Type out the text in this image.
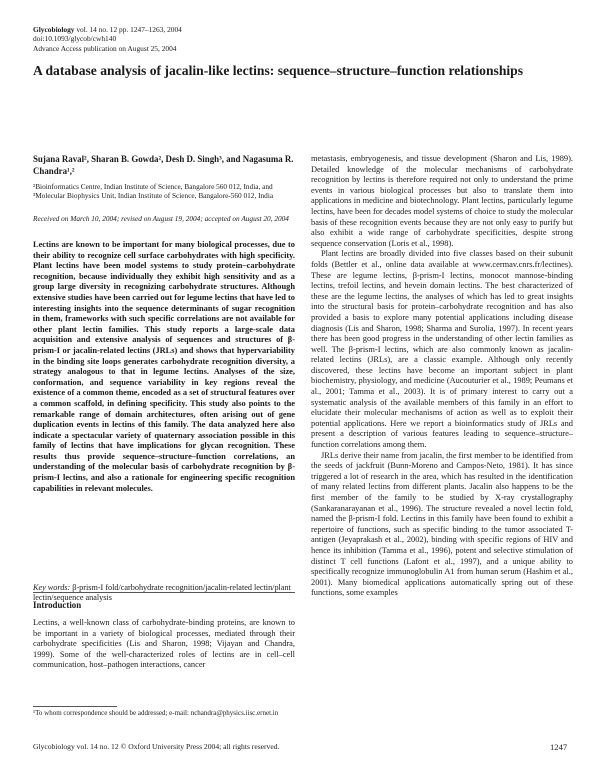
Glycobiology vol. 14 no. 12 pp. 1247–1263, 2004
doi:10.1093/glycob/cwh140
Advance Access publication on August 25, 2004
A database analysis of jacalin-like lectins: sequence–structure–function relationships
Sujana Raval², Sharan B. Gowda², Desh D. Singh³, and Nagasuma R. Chandra¹,²
²Bioinformatics Centre, Indian Institute of Science, Bangalore 560 012, India, and ³Molecular Biophysics Unit, Indian Institute of Science, Bangalore-560 012, India
Received on March 10, 2004; revised on August 19, 2004; accepted on August 20, 2004
Lectins are known to be important for many biological processes, due to their ability to recognize cell surface carbohydrates with high specificity. Plant lectins have been model systems to study protein–carbohydrate recognition, because individually they exhibit high sensitivity and as a group large diversity in recognizing carbohydrate structures. Although extensive studies have been carried out for legume lectins that have led to interesting insights into the sequence determinants of sugar recognition in them, frameworks with such specific correlations are not available for other plant lectin families. This study reports a large-scale data acquisition and extensive analysis of sequences and structures of β-prism-I or jacalin-related lectins (JRLs) and shows that hypervariability in the binding site loops generates carbohydrate recognition diversity, a strategy analogous to that in legume lectins. Analyses of the size, conformation, and sequence variability in key regions reveal the existence of a common theme, encoded as a set of structural features over a common scaffold, in defining specificity. This study also points to the remarkable range of domain architectures, often arising out of gene duplication events in lectins of this family. The data analyzed here also indicate a spectacular variety of quaternary association possible in this family of lectins that have implications for glycan recognition. These results thus provide sequence–structure–function correlations, an understanding of the molecular basis of carbohydrate recognition by β-prism-I lectins, and also a rationale for engineering specific recognition capabilities in relevant molecules.
Key words: β-prism-I fold/carbohydrate recognition/jacalin-related lectin/plant lectin/sequence analysis
Introduction
Lectins, a well-known class of carbohydrate-binding proteins, are known to be important in a variety of biological processes, mediated through their carbohydrate specificities (Lis and Sharon, 1998; Vijayan and Chandra, 1999). Some of the well-characterized roles of lectins are in cell–cell communication, host–pathogen interactions, cancer
¹To whom correspondence should be addressed; e-mail: nchandra@physics.iisc.ernet.in

metastasis, embryogenesis, and tissue development (Sharon and Lis, 1989). Detailed knowledge of the molecular mechanisms of carbohydrate recognition by lectins is therefore required not only to understand the prime events in various biological processes but also to translate them into applications in medicine and biotechnology. Plant lectins, particularly legume lectins, have been for decades model systems of choice to study the molecular basis of these recognition events because they are not only easy to purify but also exhibit a wide range of carbohydrate specificities, despite strong sequence conservation (Loris et al., 1998).

Plant lectins are broadly divided into five classes based on their subunit folds (Bettler et al., online data available at www.cermav.cnrs.fr/lectines). These are legume lectins, β-prism-I lectins, monocot mannose-binding lectins, trefoil lectins, and hevein domain lectins. The best characterized of these are the legume lectins, the analyses of which has led to great insights into the structural basis for protein–carbohydrate recognition and has also provided a basis to explore many potential applications including disease diagnosis (Lis and Sharon, 1998; Sharma and Surolia, 1997). In recent years there has been good progress in the understanding of other lectin families as well. The β-prism-I lectins, which are also commonly known as jacalin-related lectins (JRLs), are a classic example. Although only recently discovered, these lectins have become an important subject in plant biochemistry, physiology, and medicine (Aucouturier et al., 1989; Peumans et al., 2001; Tamma et al., 2003). It is of primary interest to carry out a systematic analysis of the available members of this family in an effort to elucidate their molecular mechanisms of action as well as to exploit their potential applications. Here we report a bioinformatics study of JRLs and present a description of various features leading to sequence–structure–function correlations among them.

JRLs derive their name from jacalin, the first member to be identified from the seeds of jackfruit (Bunn-Moreno and Campos-Neto, 1981). It has since triggered a lot of research in the area, which has resulted in the identification of many related lectins from different plants. Jacalin also happens to be the first member of the family to be studied by X-ray crystallography (Sankaranarayanan et al., 1996). The structure revealed a novel lectin fold, named the β-prism-I fold. Lectins in this family have been found to exhibit a repertoire of functions, such as specific binding to the tumor associated T-antigen (Jeyaprakash et al., 2002), binding with specific regions of HIV and hence its inhibition (Tamma et al., 1996), potent and selective stimulation of distinct T cell functions (Lafont et al., 1997), and a unique ability to specifically recognize immunoglobulin A1 from human serum (Hashim et al., 2001). Many biomedical applications automatically spring out of these functions, some examples

Glycobiology vol. 14 no. 12 © Oxford University Press 2004; all rights reserved.	1247
